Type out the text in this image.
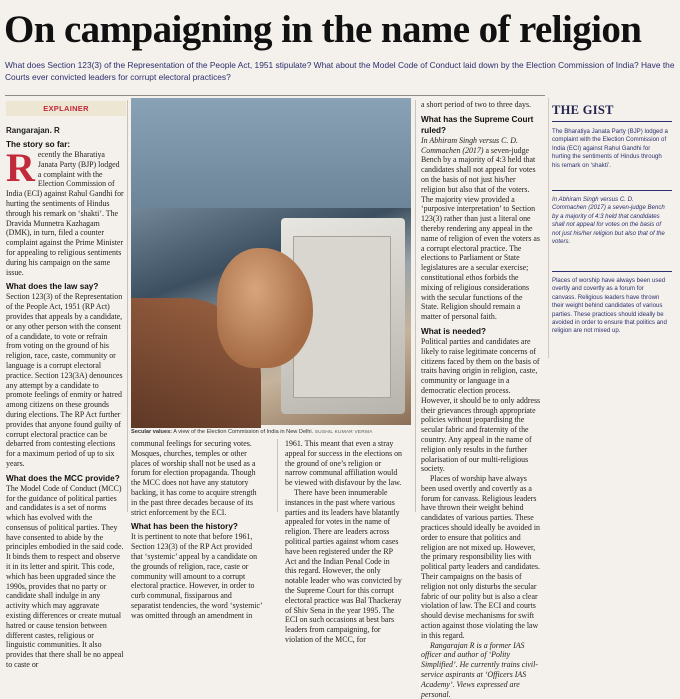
On campaigning in the name of religion

What does Section 123(3) of the Representation of the People Act, 1951 stipulate? What about the Model Code of Conduct laid down by the Election Commission of India? Have the Courts ever convicted leaders for corrupt electoral practices?

EXPLAINER

Rangarajan. R

The story so far:

Recently the Bharatiya Janata Party (BJP) lodged a complaint with the Election Commission of India (ECI) against Rahul Gandhi for hurting the sentiments of Hindus through his remark on ‘shakti’. The Dravida Munnetra Kazhagam (DMK), in turn, filed a counter complaint against the Prime Minister for appealing to religious sentiments during his campaign on the same issue.

What does the law say?

Section 123(3) of the Representation of the People Act, 1951 (RP Act) provides that appeals by a candidate, or any other person with the consent of a candidate, to vote or refrain from voting on the ground of his religion, race, caste, community or language is a corrupt electoral practice. Section 123(3A) denounces any attempt by a candidate to promote feelings of enmity or hatred among citizens on these grounds during elections. The RP Act further provides that anyone found guilty of corrupt electoral practice can be debarred from contesting elections for a maximum period of up to six years.

What does the MCC provide?

The Model Code of Conduct (MCC) for the guidance of political parties and candidates is a set of norms which has evolved with the consensus of political parties. They have consented to abide by the principles embodied in the said code. It binds them to respect and observe it in its letter and spirit. This code, which has been upgraded since the 1990s, provides that no party or candidate shall indulge in any activity which may aggravate existing differences or create mutual hatred or cause tension between different castes, religious or linguistic communities. It also provides that there shall be no appeal to caste or

Secular values: A view of the Election Commission of India in New Delhi. SUSHIL KUMAR VERMA

communal feelings for securing votes. Mosques, churches, temples or other places of worship shall not be used as a forum for election propaganda. Though the MCC does not have any statutory backing, it has come to acquire strength in the past three decades because of its strict enforcement by the ECI.

What has been the history?

It is pertinent to note that before 1961, Section 123(3) of the RP Act provided that ‘systemic’ appeal by a candidate on the grounds of religion, race, caste or community will amount to a corrupt electoral practice. However, in order to curb communal, fissiparous and separatist tendencies, the word ‘systemic’ was omitted through an amendment in

1961. This meant that even a stray appeal for success in the elections on the ground of one’s religion or narrow communal affiliation would be viewed with disfavour by the law.

There have been innumerable instances in the past where various parties and its leaders have blatantly appealed for votes in the name of religion. There are leaders across political parties against whom cases have been registered under the RP Act and the Indian Penal Code in this regard. However, the only notable leader who was convicted by the Supreme Court for this corrupt electoral practice was Bal Thackeray of Shiv Sena in the year 1995. The ECI on such occasions at best bars leaders from campaigning, for violation of the MCC, for

a short period of two to three days.

What has the Supreme Court ruled?

In Abhiram Singh versus C. D. Commachen (2017) a seven-judge Bench by a majority of 4:3 held that candidates shall not appeal for votes on the basis of not just his/her religion but also that of the voters. The majority view provided a ‘purposive interpretation’ to Section 123(3) rather than just a literal one thereby rendering any appeal in the name of religion of even the voters as a corrupt electoral practice. The elections to Parliament or State legislatures are a secular exercise; constitutional ethos forbids the mixing of religious considerations with the secular functions of the State. Religion should remain a matter of personal faith.

What is needed?

Political parties and candidates are likely to raise legitimate concerns of citizens faced by them on the basis of traits having origin in religion, caste, community or language in a democratic election process. However, it should be to only address their grievances through appropriate policies without jeopardising the secular fabric and fraternity of the country. Any appeal in the name of religion only results in the further polarisation of our multi-religious society.

Places of worship have always been used overtly and covertly as a forum for canvass. Religious leaders have thrown their weight behind candidates of various parties. These practices should ideally be avoided in order to ensure that politics and religion are not mixed up. However, the primary responsibility lies with political party leaders and candidates. Their campaigns on the basis of religion not only disturbs the secular fabric of our polity but is also a clear violation of law. The ECI and courts should devise mechanisms for swift action against those violating the law in this regard.

Rangarajan R is a former IAS officer and author of ‘Polity Simplified’. He currently trains civil-service aspirants at ‘Officers IAS Academy’. Views expressed are personal.

THE GIST

The Bharatiya Janata Party (BJP) lodged a complaint with the Election Commission of India (ECI) against Rahul Gandhi for hurting the sentiments of Hindus through his remark on ‘shakti’.

In Abhiram Singh versus C. D. Commachen (2017) a seven-judge Bench by a majority of 4:3 held that candidates shall not appeal for votes on the basis of not just his/her religion but also that of the voters.

Places of worship have always been used overtly and covertly as a forum for canvass. Religious leaders have thrown their weight behind candidates of various parties. These practices should ideally be avoided in order to ensure that politics and religion are not mixed up.
